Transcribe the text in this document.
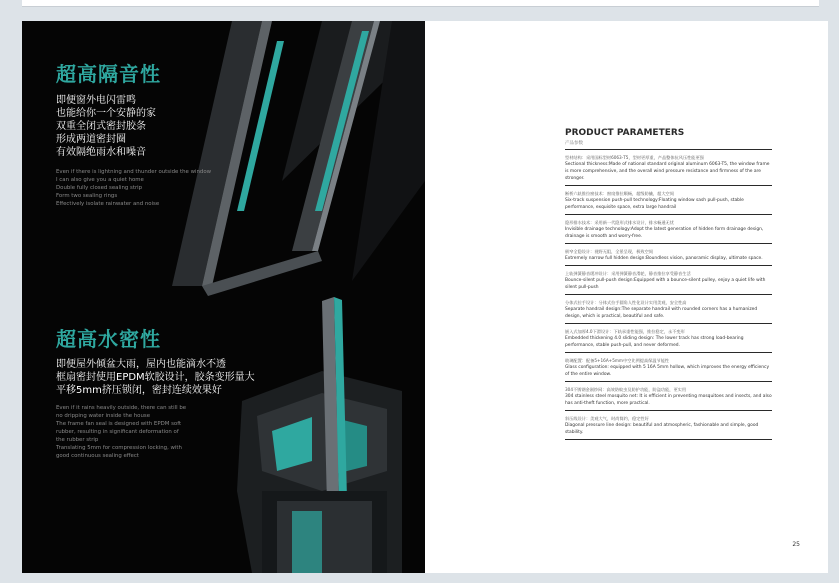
超高隔音性
即便窗外电闪雷鸣
也能给你一个安静的家
双重全闭式密封胶条
形成两道密封圈
有效隔绝雨水和噪音
Even if there is lightning and thunder outside the window
I can also give you a quiet home
Double fully closed sealing strip
Form two sealing rings
Effectively isolate rainwater and noise
超高水密性
即便屋外倾盆大雨，屋内也能滴水不透
框扇密封使用EPDM软胶设计，胶条变形量大
平移5mm挤压锁闭，密封连续效果好
Even if it rains heavily outside, there can still be
no dripping water inside the house
The frame fan seal is designed with EPDM soft
rubber, resulting in significant deformation of
the rubber strip
Translating 5mm for compression locking, with
good continuous sealing effect
PRODUCT PARAMETERS
产品参数
型材结构：采用国标型材6063-T5，型材更厚重，产品整体抗风压性能更强
Sectional thickness:Made of national standard original aluminum 6063-T5, the window frame is more comprehensive, and the overall wind pressure resistance and firmness of the are stronger.
断桥六轨推拉窗技术：窗扇推拉顺畅，超级防撬，超大空间
Six-track suspension push-pull technology:Floating window sash pull-push, stable performance, exquisite space, extra large handrail
隐形排水技术：采用新一代隐形式排水设计，排水畅通无忧
Invisible drainage technology:Adopt the latest generation of hidden form drainage design, drainage is smooth and worry-free.
极窄全隐设计：视野无阻，全景呈现，极致空间
Extremely narrow full hidden design:Boundless vision, panoramic display, ultimate space.
上轨弹簧静音缓冲设计：采用弹簧静音滑轮，静音推拉享受静音生活
Bounce-silent pull-push design:Equipped with a bounce-silent pulley, enjoy a quiet life with silent pull-push
分体式拉手设计：分体式拉手圆角人性化设计实用美观，安全性高
Separate handrail design:The separate handrail with rounded corners has a humanized design, which is practical, beautiful and safe.
嵌入式加厚4.0下滑设计：下轨承重性能强，推拉稳定，永不变形
Embedded thickening 4.0 sliding design: The lower track has strong load-bearing performance, stable push-pull, and never deformed.
玻璃配置：配备5+16A+5mm中空比例提高保温节能性
Glass configuration: equipped with 5 16A 5mm hollow, which improves the energy efficiency of the entire window.
304不锈钢金刚纱网：高效防蚊虫及防护功能，防盗功能，更实用
304 stainless steel mosquito net: It is efficient in preventing mosquitoes and insects, and also has anti-theft function, more practical.
斜压线设计：美观大气，时尚简约，稳定性好
Diagonal pressure line design: beautiful and atmospheric, fashionable and simple, good stability.
25
